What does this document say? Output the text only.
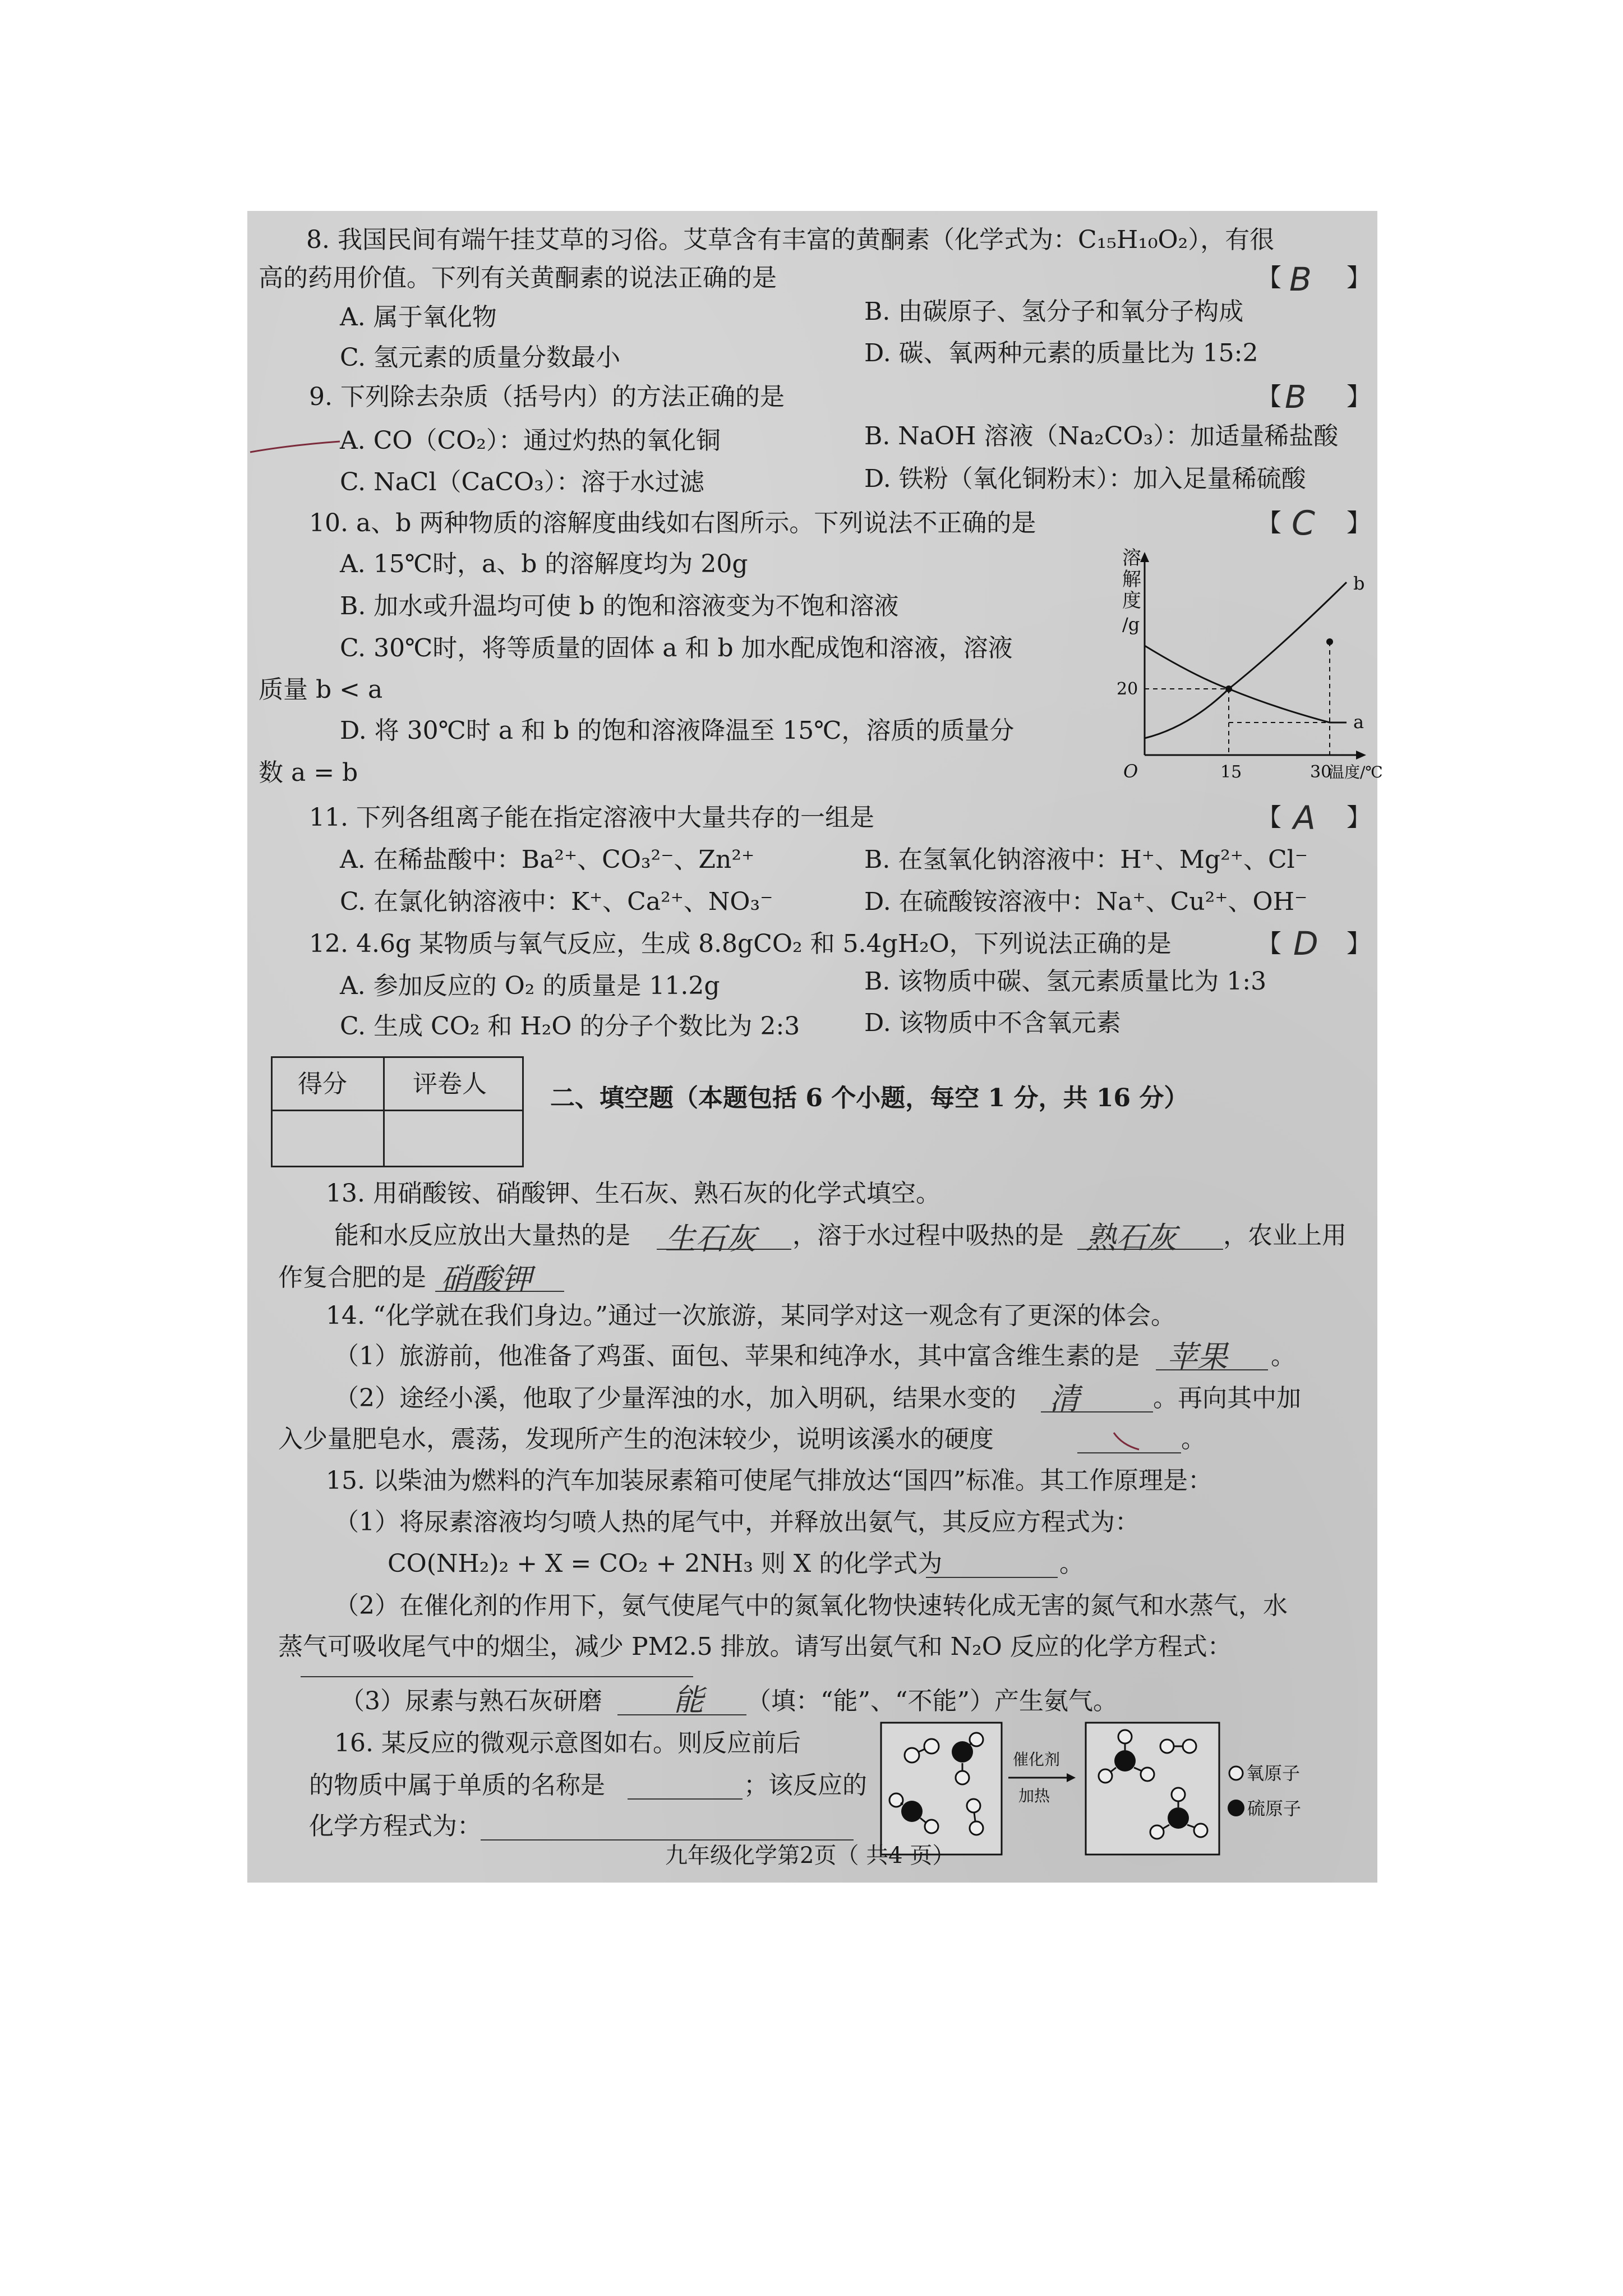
8. 我国民间有端午挂艾草的习俗。艾草含有丰富的黄酮素（化学式为：C₁₅H₁₀O₂），有很
高的药用价值。下列有关黄酮素的说法正确的是	【 B 】
A. 属于氧化物	B. 由碳原子、氢分子和氧分子构成
C. 氢元素的质量分数最小	D. 碳、氧两种元素的质量比为 15:2
9. 下列除去杂质（括号内）的方法正确的是	【 B 】
A. CO（CO₂）：通过灼热的氧化铜	B. NaOH 溶液（Na₂CO₃）：加适量稀盐酸
C. NaCl（CaCO₃）：溶于水过滤	D. 铁粉（氧化铜粉末）：加入足量稀硫酸
10. a、b 两种物质的溶解度曲线如右图所示。下列说法不正确的是	【 C 】
A. 15℃时，a、b 的溶解度均为 20g
B. 加水或升温均可使 b 的饱和溶液变为不饱和溶液
C. 30℃时，将等质量的固体 a 和 b 加水配成饱和溶液，溶液
质量 b < a
D. 将 30℃时 a 和 b 的饱和溶液降温至 15℃，溶质的质量分
数 a = b
溶
解
度
/g
20
b
a
O	15	30
温度/℃
11. 下列各组离子能在指定溶液中大量共存的一组是	【 A 】
A. 在稀盐酸中：Ba²⁺、CO₃²⁻、Zn²⁺	B. 在氢氧化钠溶液中：H⁺、Mg²⁺、Cl⁻
C. 在氯化钠溶液中：K⁺、Ca²⁺、NO₃⁻	D. 在硫酸铵溶液中：Na⁺、Cu²⁺、OH⁻
12. 4.6g 某物质与氧气反应，生成 8.8gCO₂ 和 5.4gH₂O，下列说法正确的是	【 D 】
A. 参加反应的 O₂ 的质量是 11.2g	B. 该物质中碳、氢元素质量比为 1:3
C. 生成 CO₂ 和 H₂O 的分子个数比为 2:3	D. 该物质中不含氧元素
得分	评卷人	二、填空题（本题包括 6 个小题，每空 1 分，共 16 分）
13. 用硝酸铵、硝酸钾、生石灰、熟石灰的化学式填空。
能和水反应放出大量热的是 生石灰 ，溶于水过程中吸热的是 熟石灰 ，农业上用
作复合肥的是 硝酸钾
14. “化学就在我们身边。”通过一次旅游，某同学对这一观念有了更深的体会。
（1）旅游前，他准备了鸡蛋、面包、苹果和纯净水，其中富含维生素的是 苹果 。
（2）途经小溪，他取了少量浑浊的水，加入明矾，结果水变的 清	。再向其中加
入少量肥皂水，震荡，发现所产生的泡沫较少，说明该溪水的硬度	。
15. 以柴油为燃料的汽车加装尿素箱可使尾气排放达“国四”标准。其工作原理是：
（1）将尿素溶液均匀喷人热的尾气中，并释放出氨气，其反应方程式为：
CO(NH₂)₂ + X = CO₂ + 2NH₃ 则 X 的化学式为	。
（2）在催化剂的作用下，氨气使尾气中的氮氧化物快速转化成无害的氮气和水蒸气，水
蒸气可吸收尾气中的烟尘，减少 PM2.5 排放。请写出氨气和 N₂O 反应的化学方程式：
（3）尿素与熟石灰研磨 能 （填：“能”、“不能”）产生氨气。
16. 某反应的微观示意图如右。则反应前后
的物质中属于单质的名称是	；该反应的
化学方程式为：
催化剂
加热
氧原子
硫原子
九年级化学第2页（ 共4 页）
